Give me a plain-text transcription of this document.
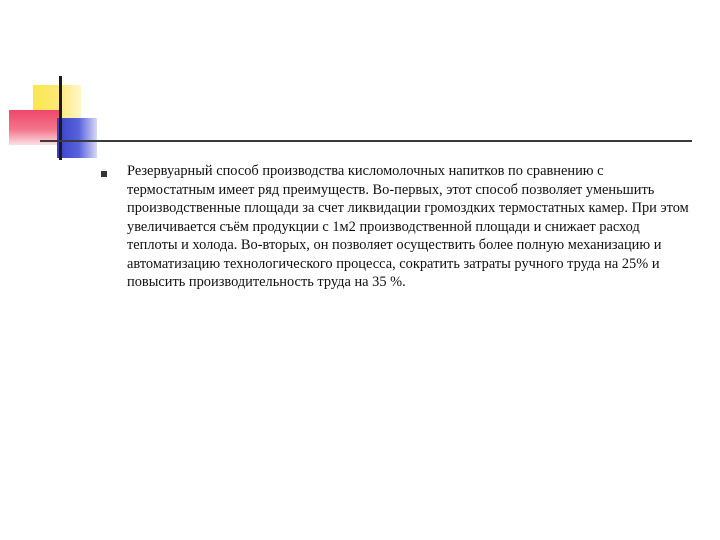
Резервуарный способ производства кисломолочных напитков по сравнению с термостатным имеет ряд преимуществ. Во-первых, этот способ позволяет уменьшить производственные площади за счет ликвидации громоздких термостатных камер. При этом увеличивается съём продукции с 1м2 производственной площади и снижает расход теплоты и холода. Во-вторых, он позволяет осуществить более полную механизацию и автоматизацию технологического процесса, сократить затраты ручного труда на 25% и повысить производительность труда на 35 %.
